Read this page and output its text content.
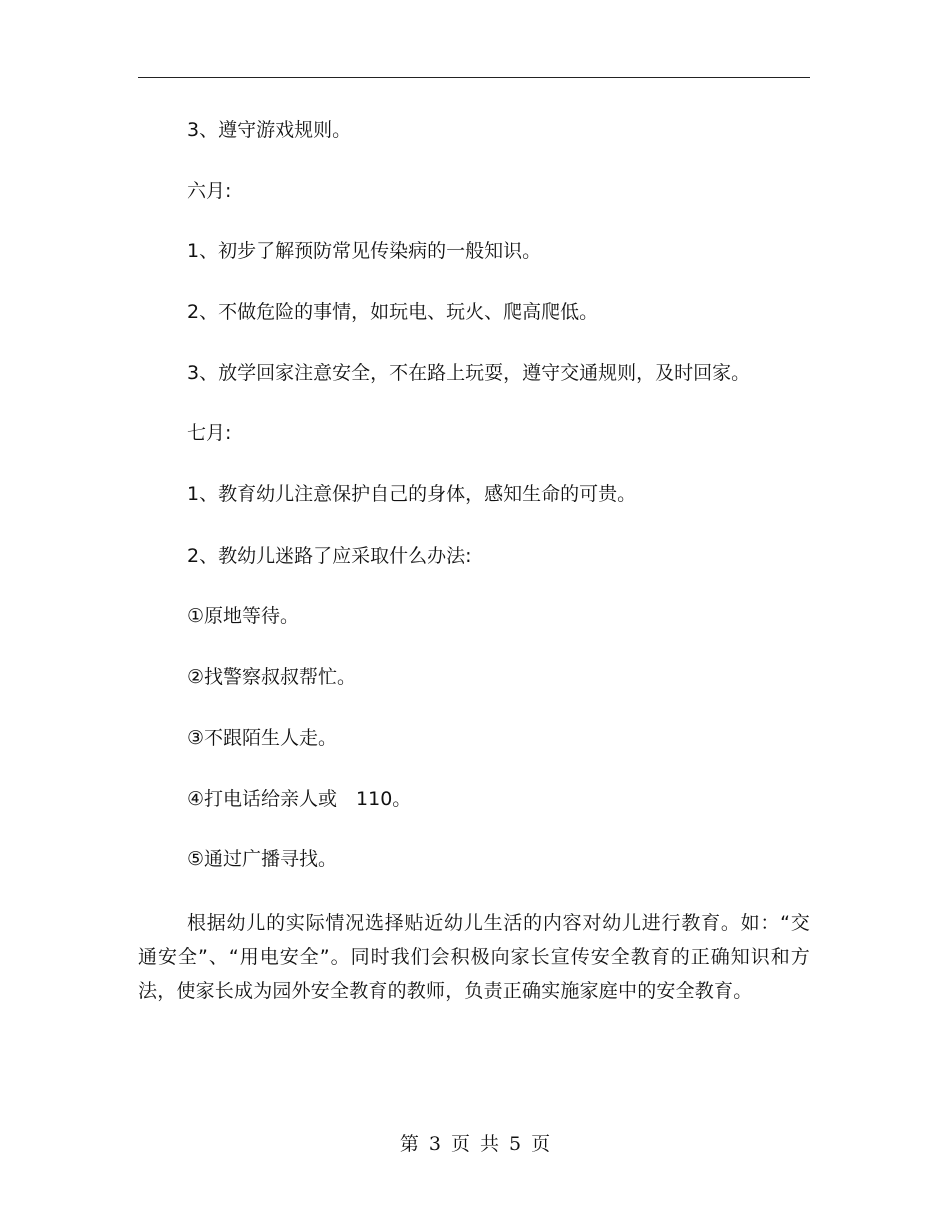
3、遵守游戏规则。
六月:
1、初步了解预防常见传染病的一般知识。
2、不做危险的事情，如玩电、玩火、爬高爬低。
3、放学回家注意安全，不在路上玩耍，遵守交通规则，及时回家。
七月:
1、教育幼儿注意保护自己的身体，感知生命的可贵。
2、教幼儿迷路了应采取什么办法:
①原地等待。
②找警察叔叔帮忙。
③不跟陌生人走。
④打电话给亲人或　110。
⑤通过广播寻找。

根据幼儿的实际情况选择贴近幼儿生活的内容对幼儿进行教育。如：“交通安全”、“用电安全”。同时我们会积极向家长宣传安全教育的正确知识和方法，使家长成为园外安全教育的教师，负责正确实施家庭中的安全教育。

第 3 页 共 5 页
